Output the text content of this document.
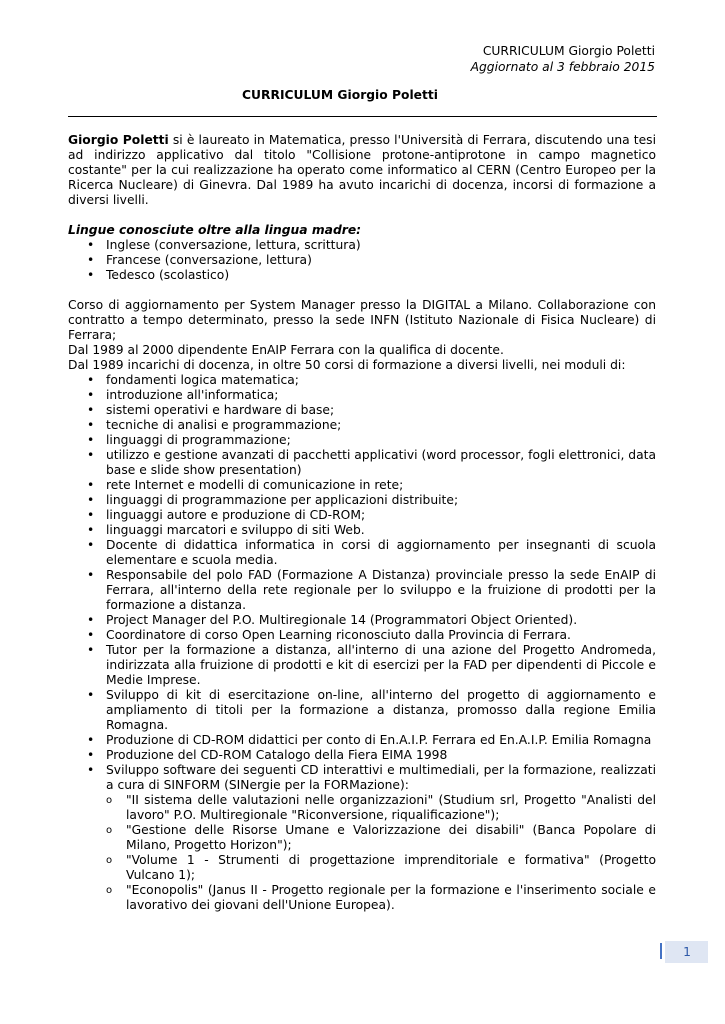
CURRICULUM Giorgio Poletti
Aggiornato al 3 febbraio 2015
CURRICULUM Giorgio Poletti

Giorgio Poletti si è laureato in Matematica, presso l'Università di Ferrara, discutendo una tesi ad indirizzo applicativo dal titolo "Collisione protone-antiprotone in campo magnetico costante" per la cui realizzazione ha operato come informatico al CERN (Centro Europeo per la Ricerca Nucleare) di Ginevra. Dal 1989 ha avuto incarichi di docenza, incorsi di formazione a diversi livelli.

Lingue conosciute oltre alla lingua madre:

• Inglese (conversazione, lettura, scrittura)
• Francese (conversazione, lettura)
• Tedesco (scolastico)

Corso di aggiornamento per System Manager presso la DIGITAL a Milano. Collaborazione con contratto a tempo determinato, presso la sede INFN (Istituto Nazionale di Fisica Nucleare) di Ferrara;

Dal 1989 al 2000 dipendente EnAIP Ferrara con la qualifica di docente.

Dal 1989 incarichi di docenza, in oltre 50 corsi di formazione a diversi livelli, nei moduli di:

• fondamenti logica matematica;
• introduzione all'informatica;
• sistemi operativi e hardware di base;
• tecniche di analisi e programmazione;
• linguaggi di programmazione;
• utilizzo e gestione avanzati di pacchetti applicativi (word processor, fogli elettronici, data base e slide show presentation)
• rete Internet e modelli di comunicazione in rete;
• linguaggi di programmazione per applicazioni distribuite;
• linguaggi autore e produzione di CD-ROM;
• linguaggi marcatori e sviluppo di siti Web.
• Docente di didattica informatica in corsi di aggiornamento per insegnanti di scuola elementare e scuola media.
• Responsabile del polo FAD (Formazione A Distanza) provinciale presso la sede EnAIP di Ferrara, all'interno della rete regionale per lo sviluppo e la fruizione di prodotti per la formazione a distanza.
• Project Manager del P.O. Multiregionale 14 (Programmatori Object Oriented).
• Coordinatore di corso Open Learning riconosciuto dalla Provincia di Ferrara.
• Tutor per la formazione a distanza, all'interno di una azione del Progetto Andromeda, indirizzata alla fruizione di prodotti e kit di esercizi per la FAD per dipendenti di Piccole e Medie Imprese.
• Sviluppo di kit di esercitazione on-line, all'interno del progetto di aggiornamento e ampliamento di titoli per la formazione a distanza, promosso dalla regione Emilia Romagna.
• Produzione di CD-ROM didattici per conto di En.A.I.P. Ferrara ed En.A.I.P. Emilia Romagna
• Produzione del CD-ROM Catalogo della Fiera EIMA 1998
• Sviluppo software dei seguenti CD interattivi e multimediali, per la formazione, realizzati a cura di SINFORM (SINergie per la FORMazione):
o "II sistema delle valutazioni nelle organizzazioni" (Studium srl, Progetto "Analisti del lavoro" P.O. Multiregionale "Riconversione, riqualificazione");
o "Gestione delle Risorse Umane e Valorizzazione dei disabili" (Banca Popolare di Milano, Progetto Horizon");
o "Volume 1 - Strumenti di progettazione imprenditoriale e formativa" (Progetto Vulcano 1);
o "Econopolis" (Janus II - Progetto regionale per la formazione e l'inserimento sociale e lavorativo dei giovani dell'Unione Europea).
1
